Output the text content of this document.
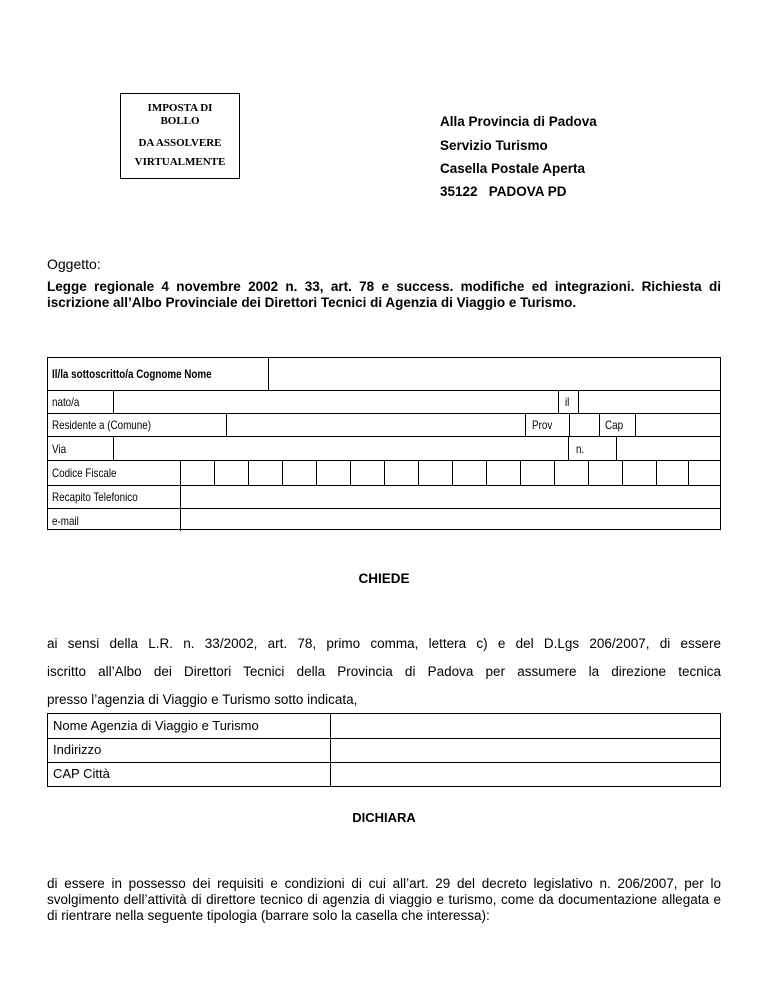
IMPOSTA DI
BOLLO
DA ASSOLVERE
VIRTUALMENTE
Alla Provincia di Padova
Servizio Turismo
Casella Postale Aperta
35122   PADOVA PD
Oggetto:
Legge regionale 4 novembre 2002 n. 33, art. 78 e success. modifiche ed integrazioni. Richiesta di iscrizione all’Albo Provinciale dei Direttori Tecnici di Agenzia di Viaggio e Turismo.
Il/la sottoscritto/a Cognome Nome
nato/a	il
Residente a (Comune)	Prov	Cap
Via	n.
Codice Fiscale
Recapito Telefonico
e-mail
CHIEDE
ai sensi della L.R. n. 33/2002, art. 78, primo comma, lettera c) e del D.Lgs 206/2007, di essere
iscritto all’Albo dei Direttori Tecnici della Provincia di Padova per assumere la direzione tecnica
presso l’agenzia di Viaggio e Turismo sotto indicata,
Nome Agenzia di Viaggio e Turismo
Indirizzo
CAP Città
DICHIARA
di essere in possesso dei requisiti e condizioni di cui all’art. 29 del decreto legislativo n. 206/2007, per lo svolgimento dell’attività di direttore tecnico di agenzia di viaggio e turismo, come da documentazione allegata e di rientrare nella seguente tipologia (barrare solo la casella che interessa):
